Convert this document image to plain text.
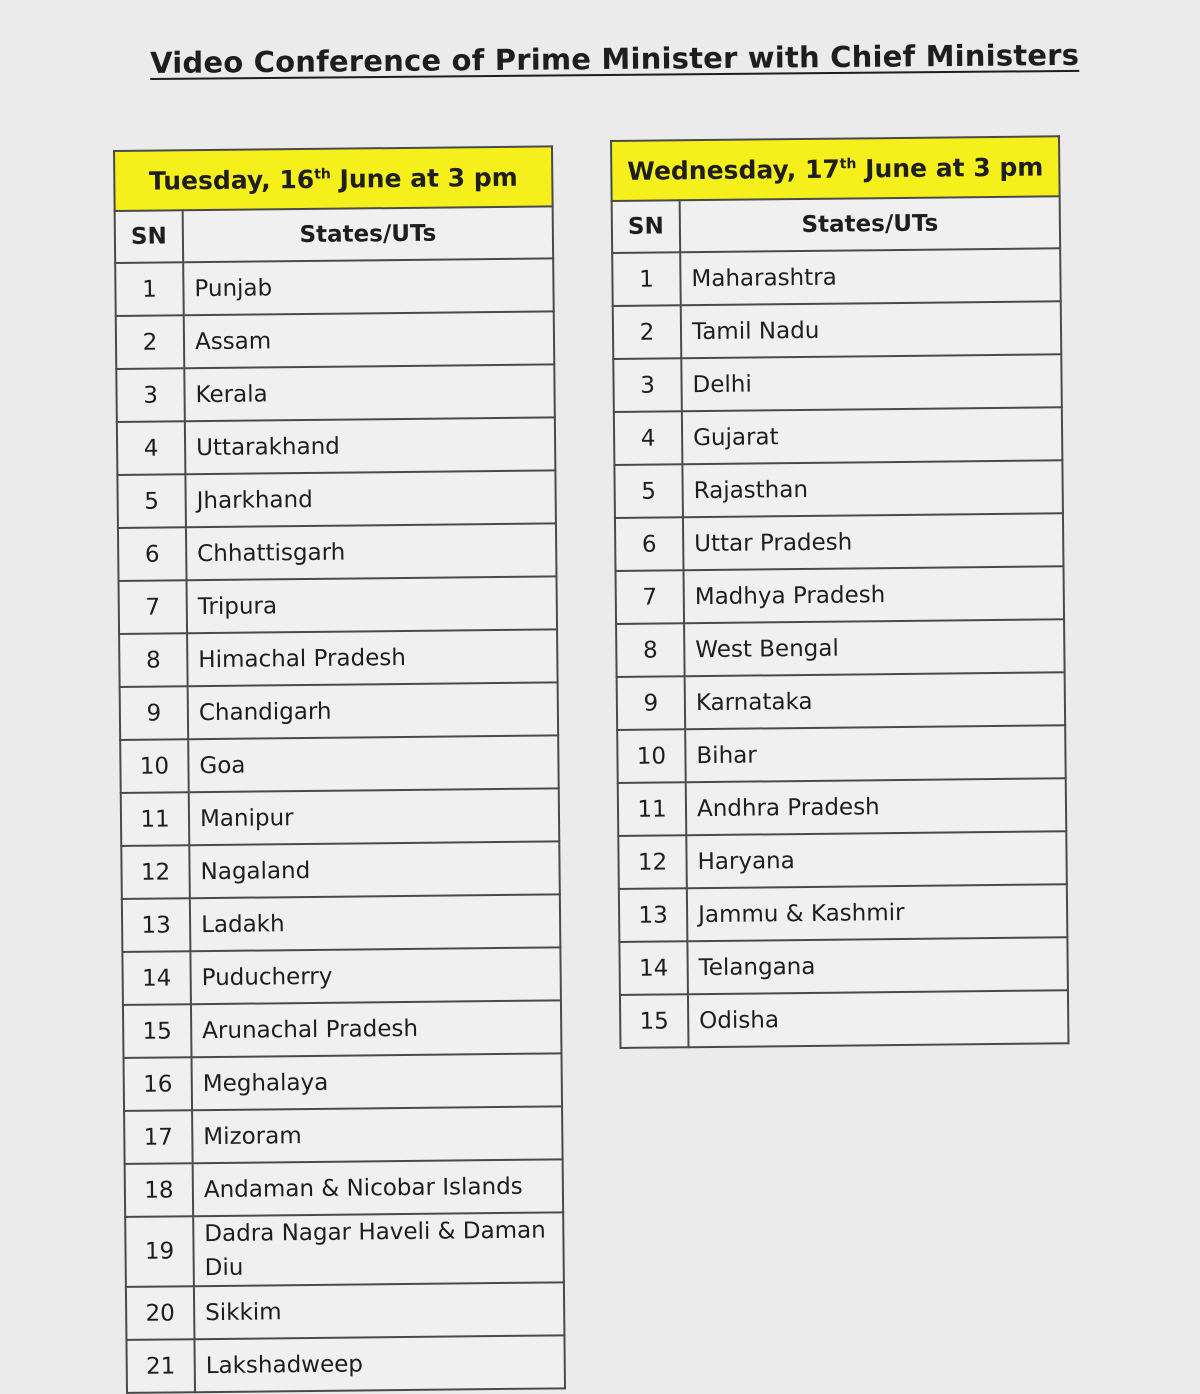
Video Conference of Prime Minister with Chief Ministers
Tuesday, 16th June at 3 pm	
SN	States/UTs
1	Punjab
2	Assam
3	Kerala
4	Uttarakhand
5	Jharkhand
6	Chhattisgarh
7	Tripura
8	Himachal Pradesh
9	Chandigarh
10	Goa
11	Manipur
12	Nagaland
13	Ladakh
14	Puducherry
15	Arunachal Pradesh
16	Meghalaya
17	Mizoram
18	Andaman & Nicobar Islands
19	Dadra Nagar Haveli & Daman Diu
20	Sikkim
21	Lakshadweep
Wednesday, 17th June at 3 pm	
SN	States/UTs
1	Maharashtra
2	Tamil Nadu
3	Delhi
4	Gujarat
5	Rajasthan
6	Uttar Pradesh
7	Madhya Pradesh
8	West Bengal
9	Karnataka
10	Bihar
11	Andhra Pradesh
12	Haryana
13	Jammu & Kashmir
14	Telangana
15	Odisha
